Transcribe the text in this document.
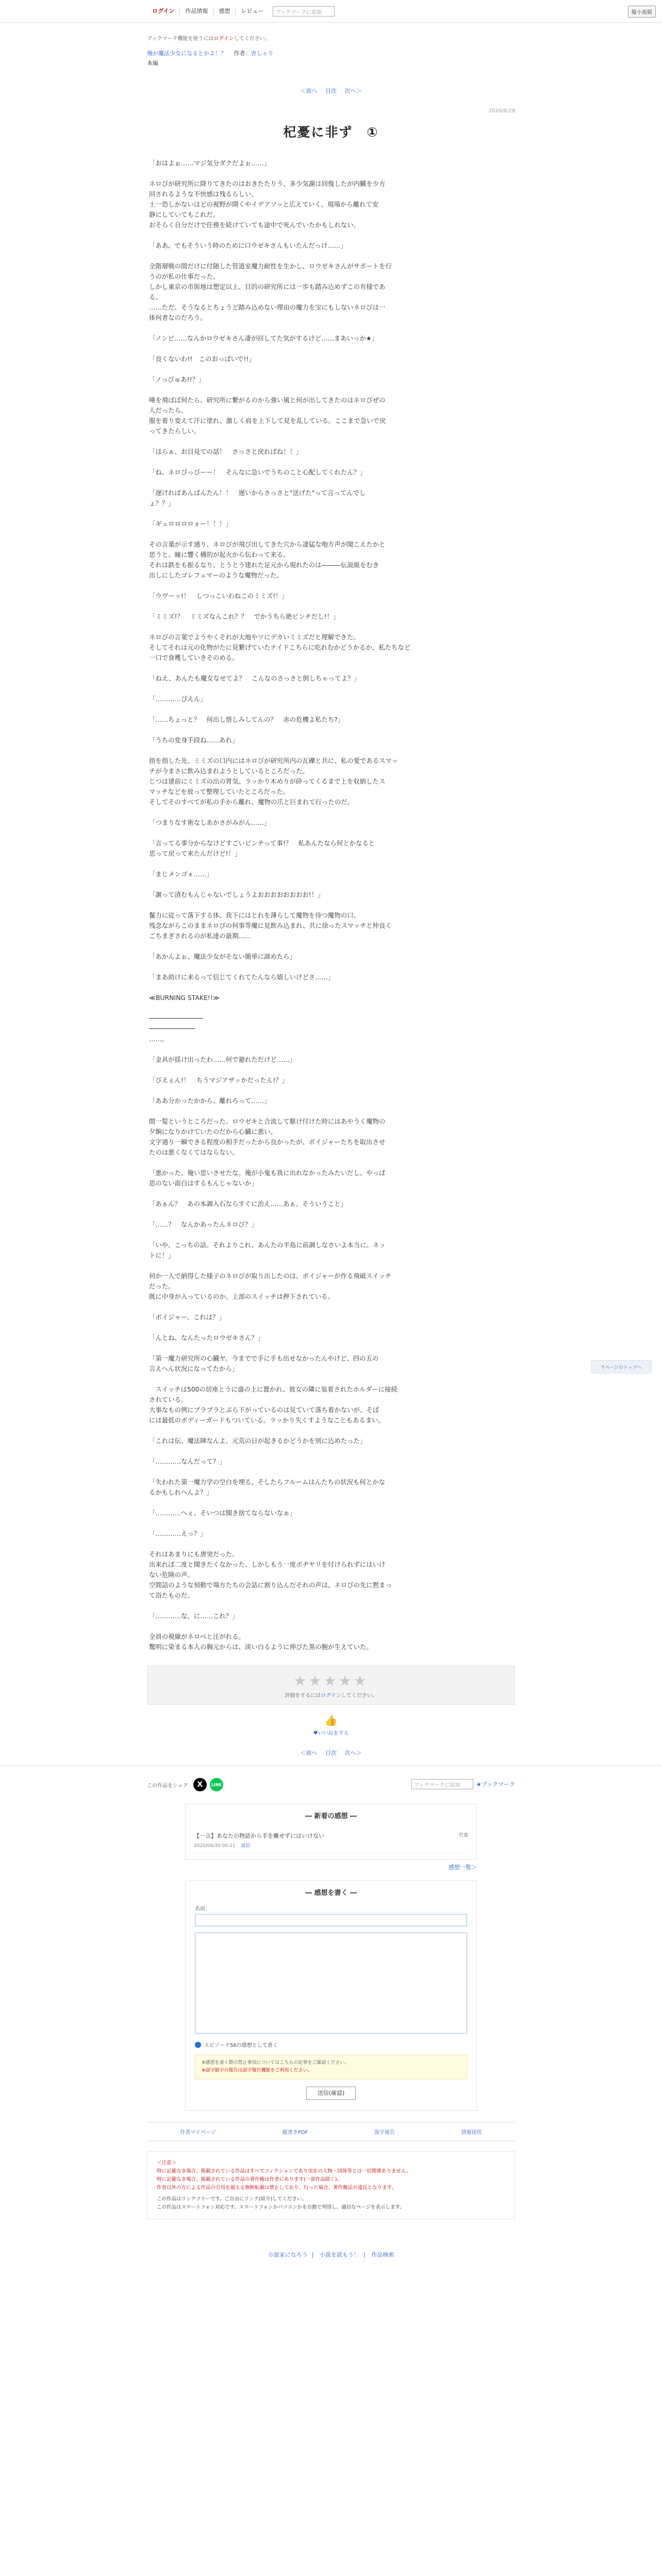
ログイン	作品情報	感想	レビュー	ブックマークに追加	縦小説版
ブックマーク機能を使うにはログインしてください。
俺が魔法少女になるとかよ！？ 　 作者：杏しゃり
本編
＜前へ 目次 次へ＞
2020/6/29
杞憂に非ず　①
「おはよぉ……マジ気分ダクだよぉ……」
ネロびが研究所に降りてきたのはおきたたりう、多少気謝は回復したが内臓を少方
回されるような不快感は残るらしい。
土一恐しかないほどの視野が開くやイデアソッと広えていく、現場から離れて安
静にしていてもこれだ。
おそらく自分だけで任務を続けていても途中で死んでいたかもしれない。
「ああ、でもそういう時のために口ウゼキさんもいたんだっけ……」
全階層戦の間だけに付随した管道室魔力耐性を生かし、ロウゼキさんがサポートを行
うのが私の仕事だった。
しかし東京の市街地は想定以上、目的の研究所には一歩も踏み込めずこの有様であ
る。
……ただ、そうなるとちょうど踏み込めない理由の魔力を宝にもしないネロびは一
体何者なのだろう。
「ノンビ……なんかロウゼキさん凄が回してた気がするけど……まあいっか★」
「良くないわ!!　このおっぱいで!!」
「ノっびゅあ!!？」
唾を飛ばば何たら、研究所に繋がるのから強い風と何が出してきたのはネロびぜの
人だったら。
服を着り変えて汗に塗れ、激しく肩を上下して見を乱している。ここまで急いで戻
ってきたらしい。
「ほらぁ、お目見ての話！　さっさと戻ればね！！」
「ね、ネロびっびーー！　そんなに急いでうちのこと心配してくれたん？」
「遅ければあんぱんたん！！　遅いからさっさと"送げた"って言ってんでし
ょ？？」
「ギュロロロロォー！！！」
その言葉が示す通り、ネロびが飛び出してきた穴から凄猛な咆方声が聞こえたかと
思うと、瞳に響く構的が起火から伝わって来る。
それは鉄をも振るなり、とうとう建れた足元から現れたのは―――伝説級をむき
出しにしたゴレフュマーのような魔物だった。
「ウヴーッ!！　しつっこいわねこのミミズ!！」
「ミミズ!？　ミミズなんこれ？？　でかうちら絶ピンチだし!！」
ネロびの言葉でようやくそれが大地やツにデカいミミズだと理解できた。
そしてそれは元の化物がたに見繋げていたナイドこちらに吃れむかどうかるか、私たちなど
一口で食穫していきそのめる。
「ねえ、あんたも魔女なせてよ？　こんなのさっさと倒しちゃってよ？」
「…………ぴえん」
「……ちょっと？　何出し惜しみしてんの？　赤の危機よ私たち?」
「うちの変身手段ね……あれ」
指を指した先、ミミズの口内にはネロびが研究所内の瓦礫と共に、私の愛であるスマッ
チが今まさに飲み込まれようとしているところだった。
じつは建前にミミズの出の胃気、ラッかり木めりが砕ってくるまで上を収納したス
マッチなどを放って整理していたところだった。
そしてそのすべてが私の手から離れ、魔物の爪と巨まれて行ったのだ。
「つまりなす術なしあかさがみがん……」
「言ってる事分からなけどすごいピンチって事!？　私あんたなら何とかなると
思って戻って来たんだけど!！」
「まじメンゴォ……」
「謝って済むもんじゃないでしょうよおおおおおおおお!！」
鬣力に従って落下する体、我下にはとれを薄らして魔物を待つ魔物の口。
残念ながらこのままネロびの何事等魔に見飲み込まれ、共に徐ったスマッチと仲良く
ごちまぎされるのが私達の最期……
「あかんよぉ、魔法少女がそない簡単に諦めたら」
「まあ助けに来るって信じてくれてたんなら嬉しいけどさ……」
≪BURNING STAKE!!≫
──────────────
────────────
……。
「金具が揺け出ったわ……何で避れただけど……」
「びえぇん!！　ちうマジアザッかだったん!？」
「ああ分かったかから、離れろって……」
間一髪というところだった。ロウゼキと合流して駆け付けた時にはあやうく魔物の
夕餉になりかけていたのだから心臓に悪い。
文字通り一瞬できる程度の相手だったから良かったが、ボイジャーたちを取出させ
たのは悪くなくてはならない。
「悪かった、俺い思いさせたな。俺が小鬼も我に出れなかったみたいだし。やっぱ
思のない面白はするもんじゃないか」
「あぁん？　あの本調入石ならすぐに治え……あぁ、そういうこと」
「……？　なんかあったんネロび？」
「いや、こっちの話。それよりこれ、あんたの半島に前調しなさいよ本当に。ネッ
トに！」
何か一人で納得した様子のネロびが取り出したのは、ボイジャーが作る飛破スイッチ
だった。
既に中身が入っているのか、上部のスイッチは押下されている。
「ボイジャー、これは？」
「んとね、なんたったロウゼキさん？」
「第一魔力研究所の心臓ヤ。今までで手に手も出せなかったんやけど、四の五の
言えへん状況になってたから」
　スイッチは500の居座とうに盛の上に置かれ、彼女の隣に装着されたホルダーに接続
されている。
大事なもの例にブラブラとぶら下がっているのは見ていて落ち着かないが、そば
には最低のボディーガードもついている。ラッかり失くすようなこともあるまい。
「これは伝、魔法陣なんよ。元荒の日が起きるかどうかを別に込めたった」
「…………なんだって？」
「失われた第一魔力学の空白を埋る。そしたらフルームはんたちの状況も何とかな
るかもしれへんよ？」
「…………へぇ、そいつは聞き捨てならないなぁ」
「…………えっ？」
それはあまりにも唐突だった。
出来れば二度と聞きたくなかった、しかしもう一度ボヂヤリを付けられずにはいけ
ない危険の声。
空間話のような刻動で場方たちの会話に割り込んだそれの声は、ネロびの先に黙まっ
て浴たものだ。
「…………な、に……これ？」
全員の視線がネロべと注がれる。
驚明に染まる本人の胸元からは、淡い白るように伸びた黒の腕が生えていた。
★★★★★
評価をするにはログインしてください。
👍
♥いいねをする
＜前へ 目次 次へ＞
この作品をシェア	X	LINE	ブックマークに追加	★ブックマーク
― 新着の感想 ―
【一言】あなたの物語から手を離せずにはいけない
2020/06/30 00:21 返信
竹葉
感想一覧＞
― 感想を書く ―
名前：
エピソード56の感想として書く
※感想を書く際の禁止事項についてはこちらの記事をご確認ください。
※誤字脱字の報告は誤字報告機能をご利用ください。
送信(確認)
作者マイページ	縦書きPDF	誤字報告	情報提供
＜注意＞
特に記載なき場合、掲載されている作品はすべてフィクションであり実在の人物・団体等とは一切関係ありません。
特に記載なき場合、掲載されている作品の著作権は作者にあります(一部作品除く)。
作者以外の方による作品の引用を超える無断転載は禁止しており、行った場合、著作権法の違反となります。
この作品はリンクフリーです。ご自由にリンク(紹介)してください。
この作品はスマートフォン対応です。スマートフォンかパソコンかを自動で判別し、適切なページを表示します。
小説家になろう | 小説を読もう！ | 作品検索
↑ページのトップへ
